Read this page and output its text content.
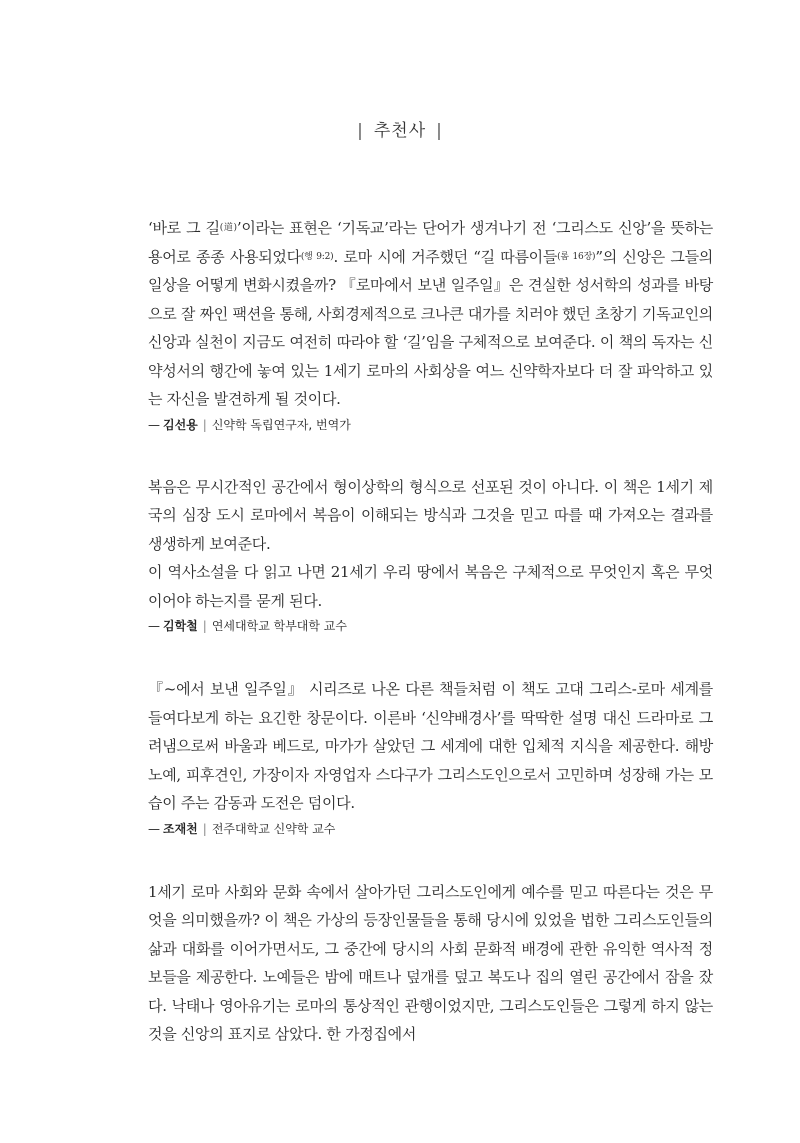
| 추천사 |

‘바로 그 길$^{(道)}$’이라는 표현은 ‘기독교’라는 단어가 생겨나기 전 ‘그리스도 신앙’을 뜻하는 용어로 종종 사용되었다$^{(행 9:2)}$. 로마 시에 거주했던 “길 따름이들$^{(롬 16장)}$”의 신앙은 그들의 일상을 어떻게 변화시켰을까? 『로마에서 보낸 일주일』은 견실한 성서학의 성과를 바탕으로 잘 짜인 팩션을 통해, 사회경제적으로 크나큰 대가를 치러야 했던 초창기 기독교인의 신앙과 실천이 지금도 여전히 따라야 할 ‘길’임을 구체적으로 보여준다. 이 책의 독자는 신약성서의 행간에 놓여 있는 1세기 로마의 사회상을 여느 신약학자보다 더 잘 파악하고 있는 자신을 발견하게 될 것이다.

— 김선용 | 신약학 독립연구자, 번역가

복음은 무시간적인 공간에서 형이상학의 형식으로 선포된 것이 아니다. 이 책은 1세기 제국의 심장 도시 로마에서 복음이 이해되는 방식과 그것을 믿고 따를 때 가져오는 결과를 생생하게 보여준다.

이 역사소설을 다 읽고 나면 21세기 우리 땅에서 복음은 구체적으로 무엇인지 혹은 무엇이어야 하는지를 묻게 된다.

— 김학철 | 연세대학교 학부대학 교수

『~에서 보낸 일주일』 시리즈로 나온 다른 책들처럼 이 책도 고대 그리스-로마 세계를 들여다보게 하는 요긴한 창문이다. 이른바 ‘신약배경사’를 딱딱한 설명 대신 드라마로 그려냄으로써 바울과 베드로, 마가가 살았던 그 세계에 대한 입체적 지식을 제공한다. 해방 노예, 피후견인, 가장이자 자영업자 스다구가 그리스도인으로서 고민하며 성장해 가는 모습이 주는 감동과 도전은 덤이다.

— 조재천 | 전주대학교 신약학 교수

1세기 로마 사회와 문화 속에서 살아가던 그리스도인에게 예수를 믿고 따른다는 것은 무엇을 의미했을까? 이 책은 가상의 등장인물들을 통해 당시에 있었을 법한 그리스도인들의 삶과 대화를 이어가면서도, 그 중간에 당시의 사회 문화적 배경에 관한 유익한 역사적 정보들을 제공한다. 노예들은 밤에 매트나 덮개를 덮고 복도나 집의 열린 공간에서 잠을 잤다. 낙태나 영아유기는 로마의 통상적인 관행이었지만, 그리스도인들은 그렇게 하지 않는 것을 신앙의 표지로 삼았다. 한 가정집에서
